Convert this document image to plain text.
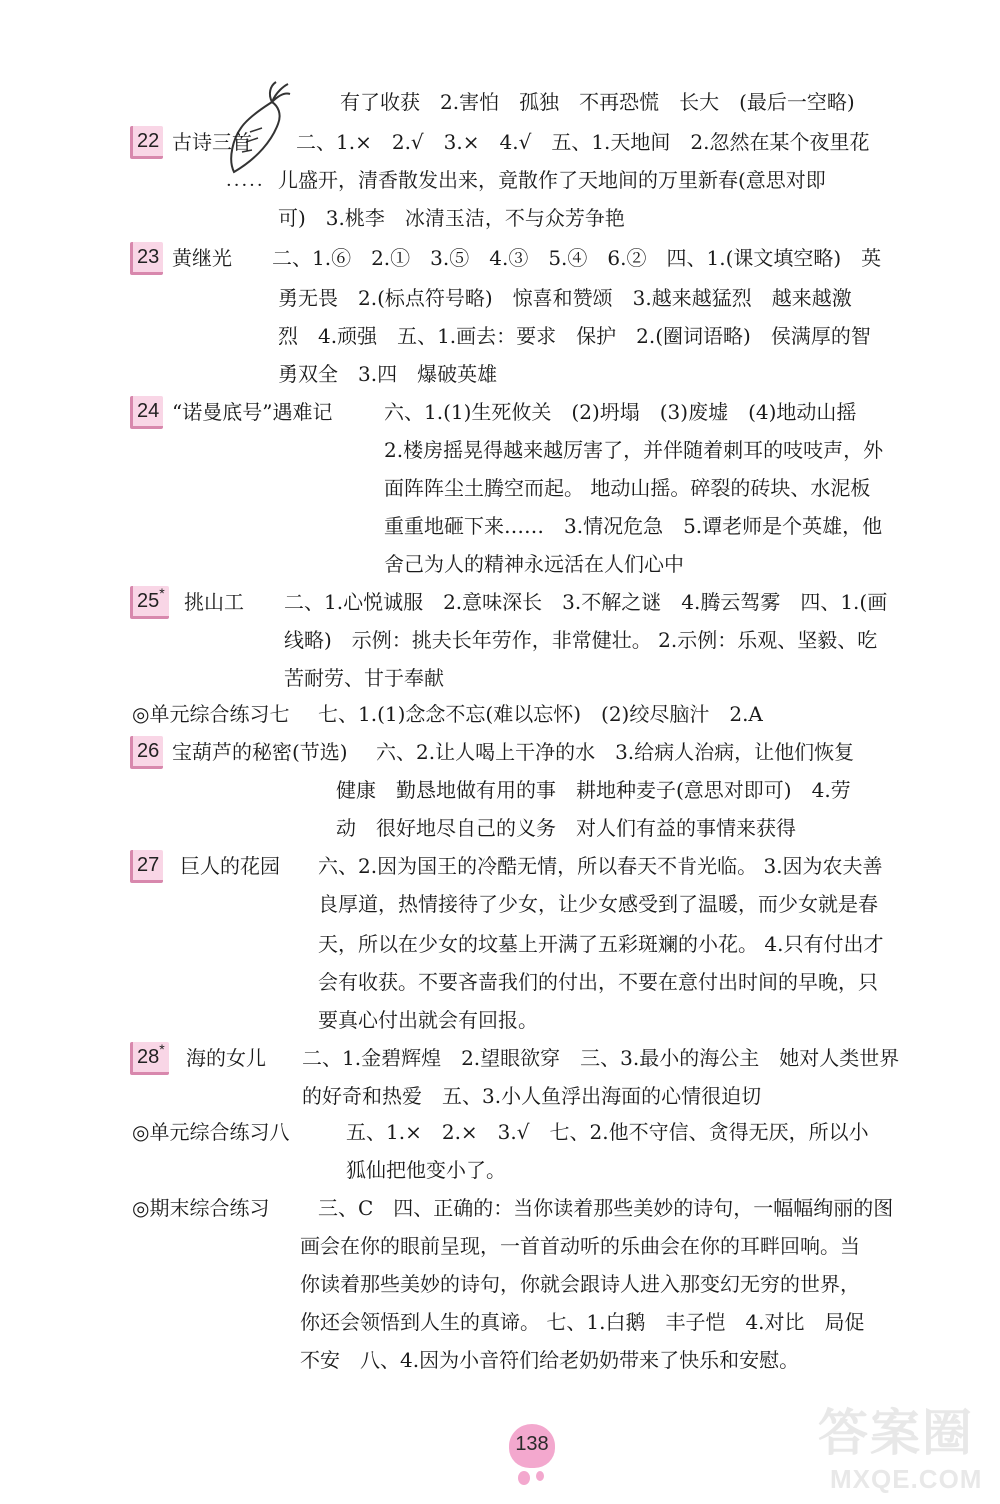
有了收获　2.害怕　孤独　不再恐慌　长大　(最后一空略)
·····
22 古诗三首 二、1.×　2.√　3.×　4.√　五、1.天地间　2.忽然在某个夜里花
儿盛开，清香散发出来，竟散作了天地间的万里新春(意思对即
可)　3.桃李　冰清玉洁，不与众芳争艳
23 黄继光 二、1.⑥　2.①　3.⑤　4.③　5.④　6.②　四、1.(课文填空略)　英
勇无畏　2.(标点符号略)　惊喜和赞颂　3.越来越猛烈　越来越激
烈　4.顽强　五、1.画去：要求　保护　2.(圈词语略)　侯满厚的智
勇双全　3.四　爆破英雄
24 “诺曼底号”遇难记	六、1.(1)生死攸关　(2)坍塌　(3)废墟　(4)地动山摇
2.楼房摇晃得越来越厉害了，并伴随着刺耳的吱吱声，外
面阵阵尘土腾空而起。 地动山摇。碎裂的砖块、水泥板
重重地砸下来……　3.情况危急　5.谭老师是个英雄，他
舍己为人的精神永远活在人们心中
25* 挑山工 二、1.心悦诚服　2.意味深长　3.不解之谜　4.腾云驾雾　四、1.(画
线略)　示例：挑夫长年劳作，非常健壮。 2.示例：乐观、坚毅、吃
苦耐劳、甘于奉献
◎单元综合练习七 七、1.(1)念念不忘(难以忘怀)　(2)绞尽脑汁　2.A
26 宝葫芦的秘密(节选) 六、2.让人喝上干净的水　3.给病人治病，让他们恢复
健康　勤恳地做有用的事　耕地种麦子(意思对即可)　4.劳
动　很好地尽自己的义务　对人们有益的事情来获得
27 巨人的花园 六、2.因为国王的冷酷无情，所以春天不肯光临。 3.因为农夫善
良厚道，热情接待了少女，让少女感受到了温暖，而少女就是春
天，所以在少女的坟墓上开满了五彩斑斓的小花。 4.只有付出才
会有收获。不要吝啬我们的付出，不要在意付出时间的早晚，只
要真心付出就会有回报。
28* 海的女儿 二、1.金碧辉煌　2.望眼欲穿　三、3.最小的海公主　她对人类世界
的好奇和热爱　五、3.小人鱼浮出海面的心情很迫切
◎单元综合练习八	五、1.×　2.×　3.√　七、2.他不守信、贪得无厌，所以小
狐仙把他变小了。
◎期末综合练习 三、C　四、正确的：当你读着那些美妙的诗句，一幅幅绚丽的图
画会在你的眼前呈现，一首首动听的乐曲会在你的耳畔回响。当
你读着那些美妙的诗句，你就会跟诗人进入那变幻无穷的世界，
你还会领悟到人生的真谛。 七、1.白鹅　丰子恺　4.对比　局促
不安　八、4.因为小音符们给老奶奶带来了快乐和安慰。
138	答案圈
MXQE.COM
